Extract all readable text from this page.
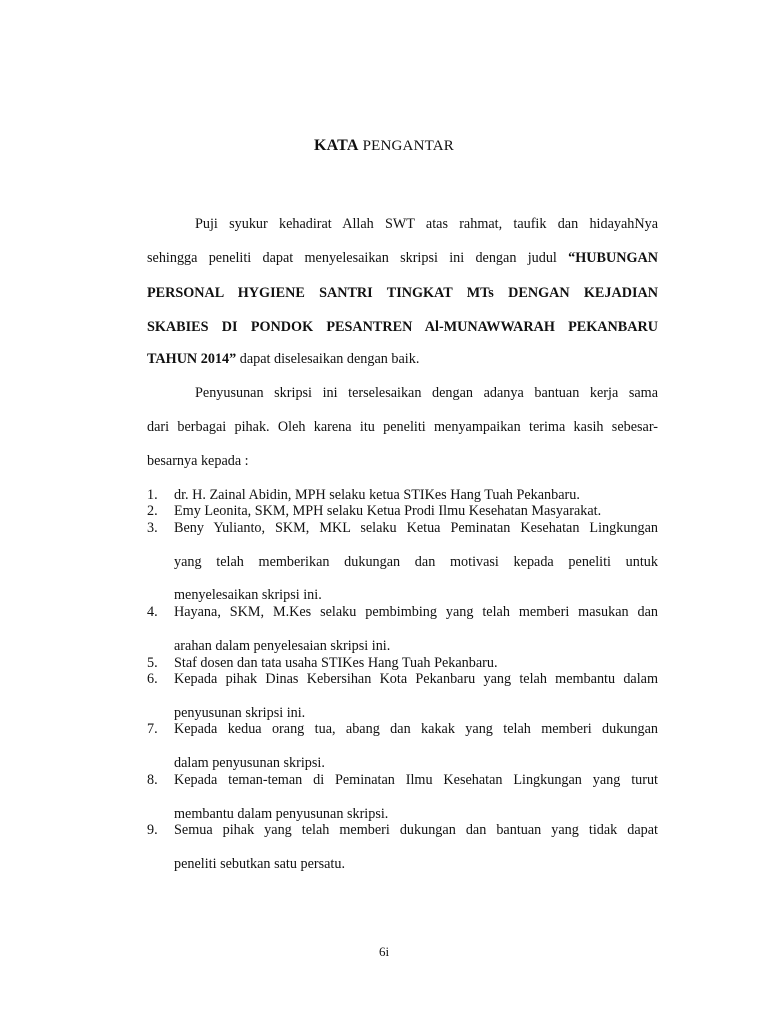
KATA PENGANTAR
Puji syukur kehadirat Allah SWT atas rahmat, taufik dan hidayahNya
sehingga peneliti dapat menyelesaikan skripsi ini dengan judul “HUBUNGAN
PERSONAL HYGIENE SANTRI TINGKAT MTs DENGAN KEJADIAN
SKABIES DI PONDOK PESANTREN Al-MUNAWWARAH PEKANBARU
TAHUN 2014” dapat diselesaikan dengan baik.
Penyusunan skripsi ini terselesaikan dengan adanya bantuan kerja sama
dari berbagai pihak. Oleh karena itu peneliti menyampaikan terima kasih sebesar-
besarnya kepada :
1.	dr. H. Zainal Abidin, MPH selaku ketua STIKes Hang Tuah Pekanbaru.
2.	Emy Leonita, SKM, MPH selaku Ketua Prodi Ilmu Kesehatan Masyarakat.
3.	Beny Yulianto, SKM, MKL selaku Ketua Peminatan Kesehatan Lingkungan
yang telah memberikan dukungan dan motivasi kepada peneliti untuk
menyelesaikan skripsi ini.
4.	Hayana, SKM, M.Kes selaku pembimbing yang telah memberi masukan dan
arahan dalam penyelesaian skripsi ini.
5.	Staf dosen dan tata usaha STIKes Hang Tuah Pekanbaru.
6.	Kepada pihak Dinas Kebersihan Kota Pekanbaru yang telah membantu dalam
penyusunan skripsi ini.
7.	Kepada kedua orang tua, abang dan kakak yang telah memberi dukungan
dalam penyusunan skripsi.
8.	Kepada teman-teman di Peminatan Ilmu Kesehatan Lingkungan yang turut
membantu dalam penyusunan skripsi.
9.	Semua pihak yang telah memberi dukungan dan bantuan yang tidak dapat
peneliti sebutkan satu persatu.
6i
